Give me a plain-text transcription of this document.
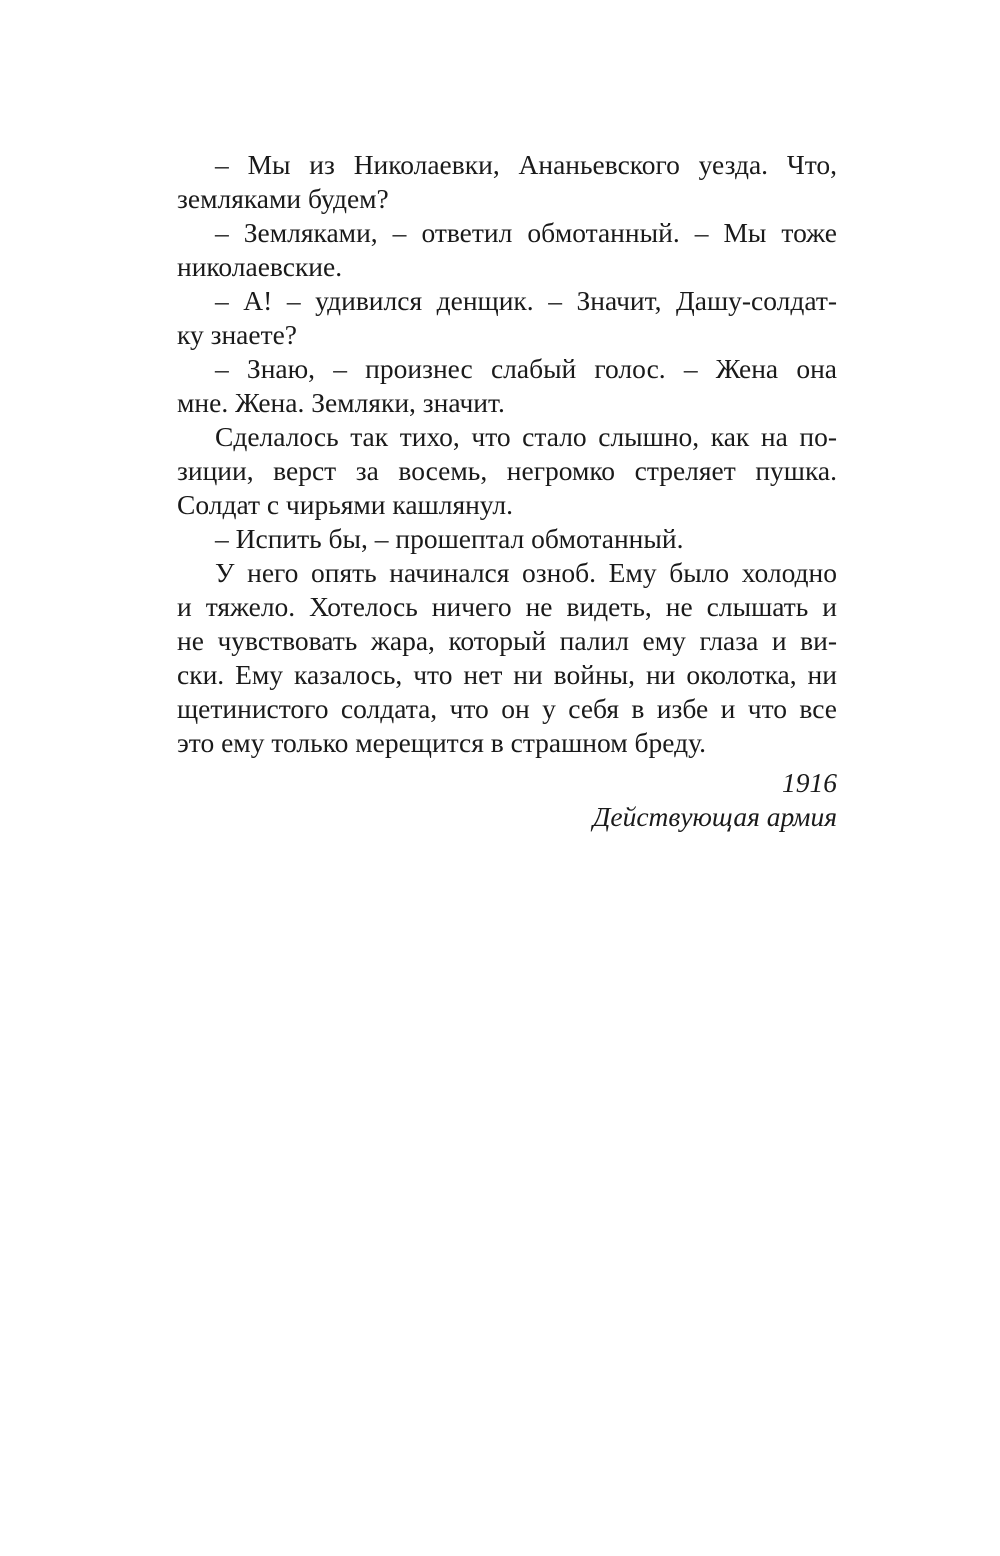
– Мы из Николаевки, Ананьевского уезда. Что,
земляками будем?
– Земляками, – ответил обмотанный. – Мы тоже
николаевские.
– А! – удивился денщик. – Значит, Дашу-солдат-
ку знаете?
– Знаю, – произнес слабый голос. – Жена она
мне. Жена. Земляки, значит.
Сделалось так тихо, что стало слышно, как на по-
зиции, верст за восемь, негромко стреляет пушка.
Солдат с чирьями кашлянул.
– Испить бы, – прошептал обмотанный.
У него опять начинался озноб. Ему было холодно
и тяжело. Хотелось ничего не видеть, не слышать и
не чувствовать жара, который палил ему глаза и ви-
ски. Ему казалось, что нет ни войны, ни околотка, ни
щетинистого солдата, что он у себя в избе и что все
это ему только мерещится в страшном бреду.
1916
Действующая армия
